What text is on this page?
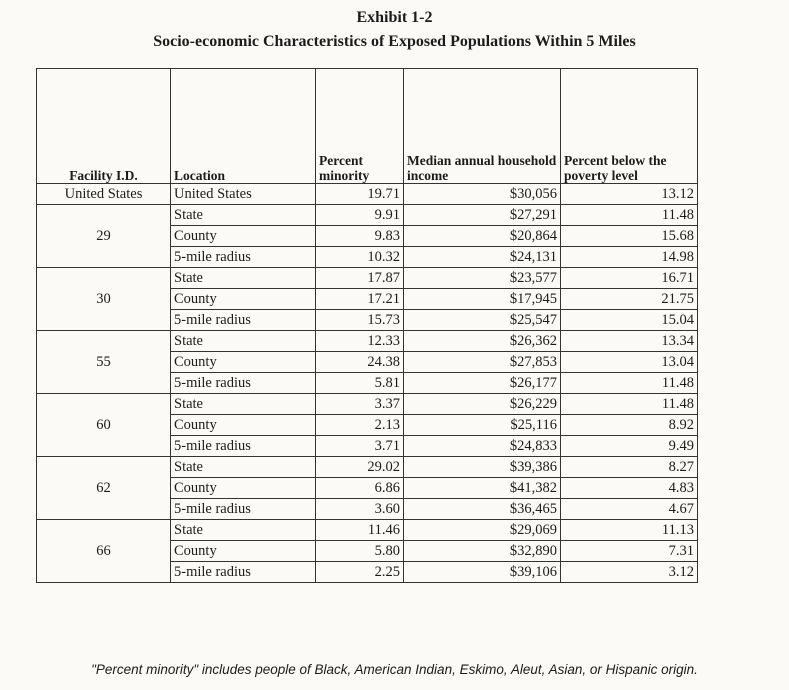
Exhibit 1-2
Socio-economic Characteristics of Exposed Populations Within 5 Miles
Facility I.D.	Location	Percent minority	Median annual household income	Percent below the poverty level
United States	United States	19.71	$30,056	13.12
29	State	9.91	$27,291	11.48
	County	9.83	$20,864	15.68
	5-mile radius	10.32	$24,131	14.98
30	State	17.87	$23,577	16.71
	County	17.21	$17,945	21.75
	5-mile radius	15.73	$25,547	15.04
55	State	12.33	$26,362	13.34
	County	24.38	$27,853	13.04
	5-mile radius	5.81	$26,177	11.48
60	State	3.37	$26,229	11.48
	County	2.13	$25,116	8.92
	5-mile radius	3.71	$24,833	9.49
62	State	29.02	$39,386	8.27
	County	6.86	$41,382	4.83
	5-mile radius	3.60	$36,465	4.67
66	State	11.46	$29,069	11.13
	County	5.80	$32,890	7.31
	5-mile radius	2.25	$39,106	3.12
"Percent minority" includes people of Black, American Indian, Eskimo, Aleut, Asian, or Hispanic origin.
